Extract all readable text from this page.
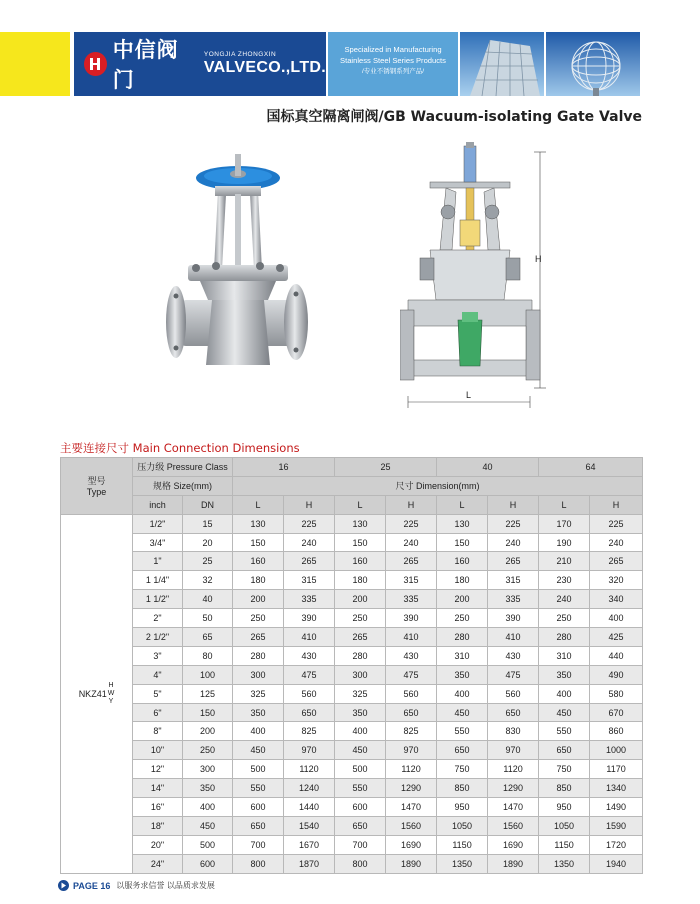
中信阀门
YONGJIA ZHONGXIN
VALVECO.,LTD.
Specialized in Manufacturing
Stainless Steel Series Products
/专业不锈钢系列产品/
国标真空隔离闸阀/GB Wacuum-isolating Gate Valve
H
L
主要连接尺寸 Main Connection Dimensions
型号
Type	压力级 Pressure Class		16		25		40		64	
	规格 Size(mm)		尺寸 Dimension(mm)							
	inch	DN	L	H	L	H	L	H	L	H

NKZ41
H
W
Y	1/2"	15	130	225	130	225	130	225	170	225
	3/4"	20	150	240	150	240	150	240	190	240
	1"	25	160	265	160	265	160	265	210	265
	1 1/4"	32	180	315	180	315	180	315	230	320
	1 1/2"	40	200	335	200	335	200	335	240	340
	2"	50	250	390	250	390	250	390	250	400
	2 1/2"	65	265	410	265	410	280	410	280	425
	3"	80	280	430	280	430	310	430	310	440
	4"	100	300	475	300	475	350	475	350	490
	5"	125	325	560	325	560	400	560	400	580
	6"	150	350	650	350	650	450	650	450	670
	8"	200	400	825	400	825	550	830	550	860
	10"	250	450	970	450	970	650	970	650	1000
	12"	300	500	1120	500	1120	750	1120	750	1170
	14"	350	550	1240	550	1290	850	1290	850	1340
	16"	400	600	1440	600	1470	950	1470	950	1490
	18"	450	650	1540	650	1560	1050	1560	1050	1590
	20"	500	700	1670	700	1690	1150	1690	1150	1720
	24"	600	800	1870	800	1890	1350	1890	1350	1940
PAGE 16 以服务求信誉 以品质求发展
